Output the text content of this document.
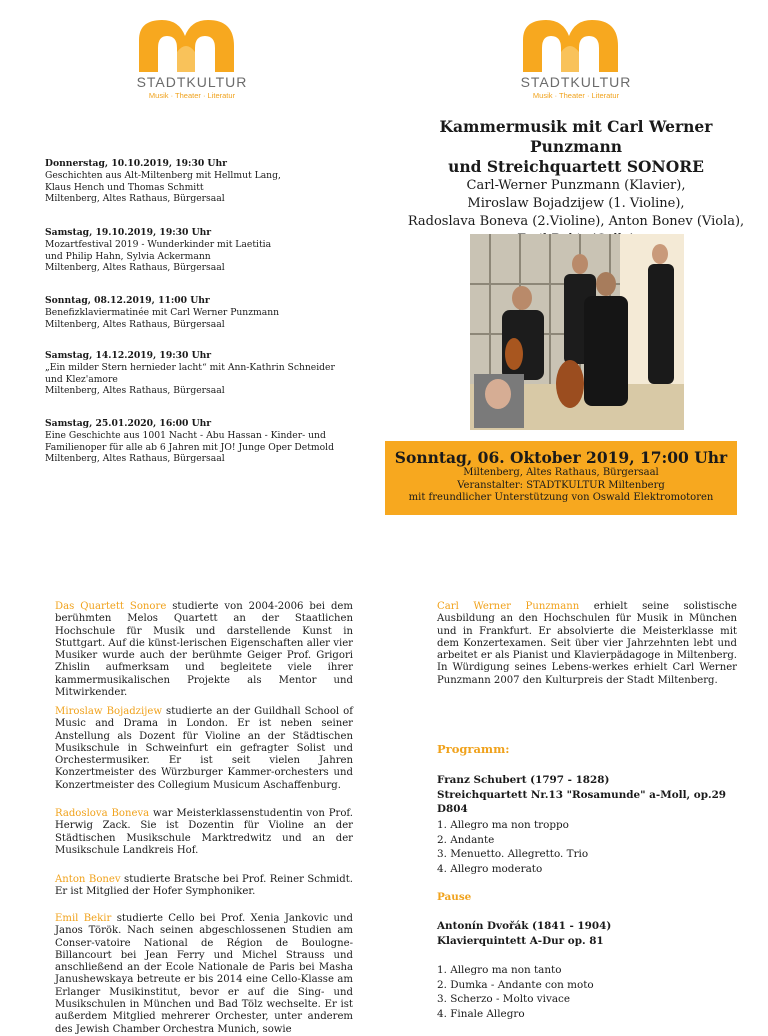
STADTKULTUR
Musik · Theater · Literatur
STADTKULTUR
Musik · Theater · Literatur
Donnerstag, 10.10.2019, 19:30 Uhr
Geschichten aus Alt-Miltenberg mit Hellmut Lang,
Klaus Hench und Thomas Schmitt
Miltenberg, Altes Rathaus, Bürgersaal
Samstag, 19.10.2019, 19:30 Uhr
Mozartfestival 2019 - Wunderkinder mit Laetitia
und Philip Hahn, Sylvia Ackermann
Miltenberg, Altes Rathaus, Bürgersaal
Sonntag, 08.12.2019, 11:00 Uhr
Benefizklaviermatinée mit Carl Werner Punzmann
Miltenberg, Altes Rathaus, Bürgersaal
Samstag, 14.12.2019, 19:30 Uhr
„Ein milder Stern hernieder lacht“ mit Ann-Kathrin Schneider
und Klez'amore
Miltenberg, Altes Rathaus, Bürgersaal
Samstag, 25.01.2020, 16:00 Uhr
Eine Geschichte aus 1001 Nacht - Abu Hassan - Kinder- und
Familienoper für alle ab 6 Jahren mit JO! Junge Oper Detmold
Miltenberg, Altes Rathaus, Bürgersaal
Kammermusik mit Carl Werner Punzmann
und Streichquartett SONORE
Carl-Werner Punzmann (Klavier),
Miroslaw Bojadzijew (1. Violine),
Radoslava Boneva (2.Violine), Anton Bonev (Viola),
Sonntag, 06. Oktober 2019, 17:00 Uhr
Miltenberg, Altes Rathaus, Bürgersaal
Veranstalter: STADTKULTUR Miltenberg
mit freundlicher Unterstützung von Oswald Elektromotoren
Das Quartett Sonore studierte von 2004-2006 bei dem berühmten Melos Quartett an der Staatlichen Hochschule für Musik und darstellende Kunst in Stuttgart. Auf die künst-lerischen Eigenschaften aller vier Musiker wurde auch der berühmte Geiger Prof. Grigori Zhislin aufmerksam und begleitete viele ihrer kammermusikalischen Projekte als Mentor und Mitwirkender.
Miroslaw Bojadzijew studierte an der Guildhall School of Music and Drama in London. Er ist neben seiner Anstellung als Dozent für Violine an der Städtischen Musikschule in Schweinfurt ein gefragter Solist und Orchestermusiker. Er ist seit vielen Jahren Konzertmeister des Würzburger Kammer-orchesters und Konzertmeister des Collegium Musicum Aschaffenburg.
Radoslova Boneva war Meisterklassenstudentin von Prof. Herwig Zack. Sie ist Dozentin für Violine an der Städtischen Musikschule Marktredwitz und an der Musikschule Landkreis Hof.
Anton Bonev studierte Bratsche bei Prof. Reiner Schmidt. Er ist Mitglied der Hofer Symphoniker.
Emil Bekir studierte Cello bei Prof. Xenia Jankovic und Janos Török. Nach seinen abgeschlossenen Studien am Conser-vatoire National de Région de Boulogne-Billancourt bei Jean Ferry und Michel Strauss und anschließend an der Ecole Nationale de Paris bei Masha Janushewskaya betreute er bis 2014 eine Cello-Klasse am Erlanger Musikinstitut, bevor er auf die Sing- und Musikschulen in München und Bad Tölz wechselte. Er ist außerdem Mitglied mehrerer Orchester, unter anderem des Jewish Chamber Orchestra Munich, sowie
Carl Werner Punzmann erhielt seine solistische Ausbildung an den Hochschulen für Musik in München und in Frankfurt. Er absolvierte die Meisterklasse mit dem Konzertexamen. Seit über vier Jahrzehnten lebt und arbeitet er als Pianist und Klavierpädagoge in Miltenberg. In Würdigung seines Lebens-werkes erhielt Carl Werner Punzmann 2007 den Kulturpreis der Stadt Miltenberg.
Programm:
Franz Schubert (1797 - 1828)
Streichquartett Nr.13 "Rosamunde" a-Moll, op.29 D804
1. Allegro ma non troppo
2. Andante
3. Menuetto. Allegretto. Trio
4. Allegro moderato
Pause
Antonín Dvořák (1841 - 1904)
Klavierquintett A-Dur op. 81
1. Allegro ma non tanto
2. Dumka - Andante con moto
3. Scherzo - Molto vivace
4. Finale Allegro
